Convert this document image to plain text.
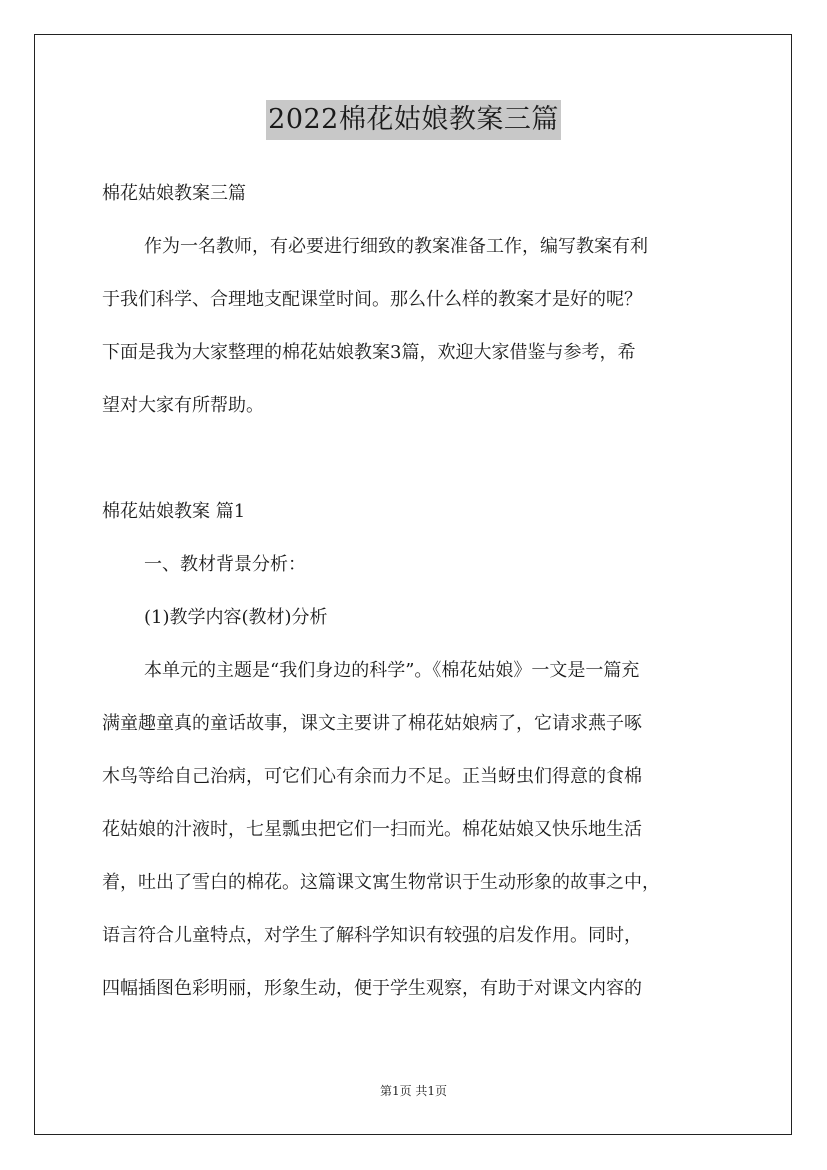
2022棉花姑娘教案三篇
棉花姑娘教案三篇
作为一名教师，有必要进行细致的教案准备工作，编写教案有利
于我们科学、合理地支配课堂时间。那么什么样的教案才是好的呢？
下面是我为大家整理的棉花姑娘教案3篇，欢迎大家借鉴与参考，希
望对大家有所帮助。
棉花姑娘教案 篇1
一、教材背景分析：
(1)教学内容(教材)分析
本单元的主题是“我们身边的科学”。《棉花姑娘》一文是一篇充
满童趣童真的童话故事，课文主要讲了棉花姑娘病了，它请求燕子啄
木鸟等给自己治病，可它们心有余而力不足。正当蚜虫们得意的食棉
花姑娘的汁液时，七星瓢虫把它们一扫而光。棉花姑娘又快乐地生活
着，吐出了雪白的棉花。这篇课文寓生物常识于生动形象的故事之中，
语言符合儿童特点，对学生了解科学知识有较强的启发作用。同时，
四幅插图色彩明丽，形象生动，便于学生观察，有助于对课文内容的
第1页 共1页
